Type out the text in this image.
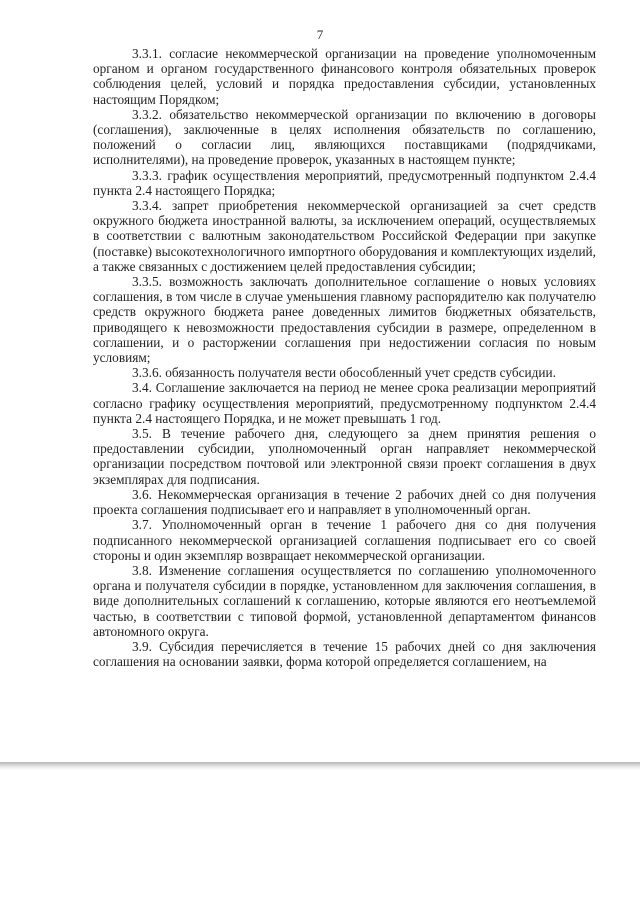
7

3.3.1. согласие некоммерческой организации на проведение уполномоченным органом и органом государственного финансового контроля обязательных проверок соблюдения целей, условий и порядка предоставления субсидии, установленных настоящим Порядком;

3.3.2. обязательство некоммерческой организации по включению в договоры (соглашения), заключенные в целях исполнения обязательств по соглашению, положений о согласии лиц, являющихся поставщиками (подрядчиками, исполнителями), на проведение проверок, указанных в настоящем пункте;

3.3.3. график осуществления мероприятий, предусмотренный подпунктом 2.4.4 пункта 2.4 настоящего Порядка;

3.3.4. запрет приобретения некоммерческой организацией за счет средств окружного бюджета иностранной валюты, за исключением операций, осуществляемых в соответствии с валютным законодательством Российской Федерации при закупке (поставке) высокотехнологичного импортного оборудования и комплектующих изделий, а также связанных с достижением целей предоставления субсидии;

3.3.5. возможность заключать дополнительное соглашение о новых условиях соглашения, в том числе в случае уменьшения главному распорядителю как получателю средств окружного бюджета ранее доведенных лимитов бюджетных обязательств, приводящего к невозможности предоставления субсидии в размере, определенном в соглашении, и о расторжении соглашения при недостижении согласия по новым условиям;

3.3.6. обязанность получателя вести обособленный учет средств субсидии.

3.4. Соглашение заключается на период не менее срока реализации мероприятий согласно графику осуществления мероприятий, предусмотренному подпунктом 2.4.4 пункта 2.4 настоящего Порядка, и не может превышать 1 год.

3.5. В течение рабочего дня, следующего за днем принятия решения о предоставлении субсидии, уполномоченный орган направляет некоммерческой организации посредством почтовой или электронной связи проект соглашения в двух экземплярах для подписания.

3.6. Некоммерческая организация в течение 2 рабочих дней со дня получения проекта соглашения подписывает его и направляет в уполномоченный орган.

3.7. Уполномоченный орган в течение 1 рабочего дня со дня получения подписанного некоммерческой организацией соглашения подписывает его со своей стороны и один экземпляр возвращает некоммерческой организации.

3.8. Изменение соглашения осуществляется по соглашению уполномоченного органа и получателя субсидии в порядке, установленном для заключения соглашения, в виде дополнительных соглашений к соглашению, которые являются его неотъемлемой частью, в соответствии с типовой формой, установленной департаментом финансов автономного округа.

3.9. Субсидия перечисляется в течение 15 рабочих дней со дня заключения соглашения на основании заявки, форма которой определяется соглашением, на
